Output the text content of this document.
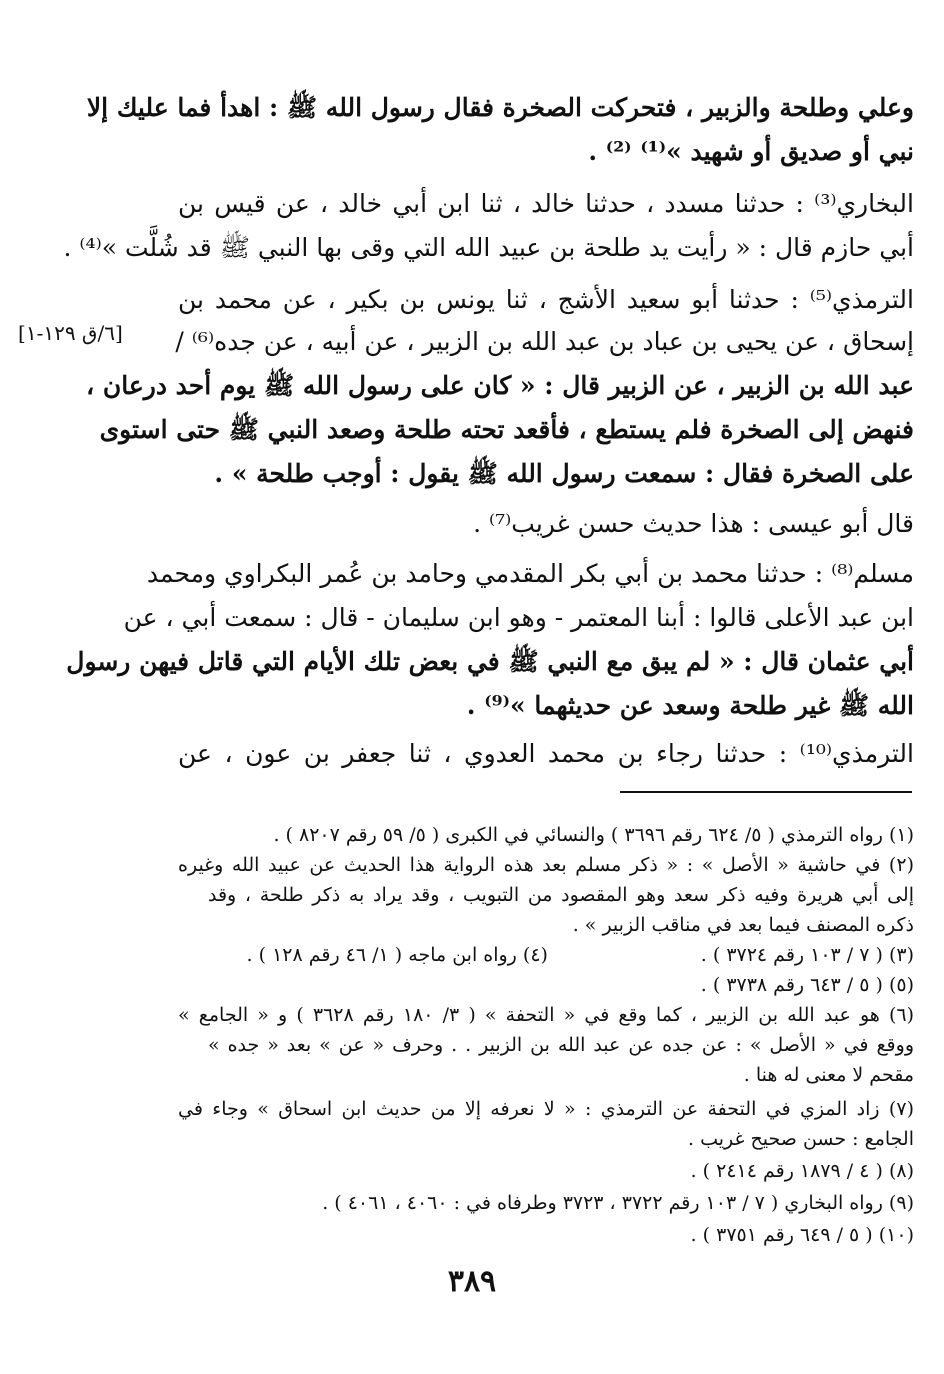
وعلي وطلحة والزبير ، فتحركت الصخرة فقال رسول الله ﷺ : اهدأ فما عليك إلا

نبي أو صديق أو شهيد »⁽¹⁾ ⁽²⁾ .

البخاري⁽³⁾ : حدثنا مسدد ، حدثنا خالد ، ثنا ابن أبي خالد ، عن قيس بن

أبي حازم قال : « رأيت يد طلحة بن عبيد الله التي وقى بها النبي ﷺ قد شُلَّت »⁽⁴⁾ .

الترمذي⁽⁵⁾ : حدثنا أبو سعيد الأشج ، ثنا يونس بن بكير ، عن محمد بن

إسحاق ، عن يحيى بن عباد بن عبد الله بن الزبير ، عن أبيه ، عن جده⁽⁶⁾ /

عبد الله بن الزبير ، عن الزبير قال : « كان على رسول الله ﷺ يوم أحد درعان ،

فنهض إلى الصخرة فلم يستطع ، فأقعد تحته طلحة وصعد النبي ﷺ حتى استوى

على الصخرة فقال : سمعت رسول الله ﷺ يقول : أوجب طلحة » .

قال أبو عيسى : هذا حديث حسن غريب⁽⁷⁾ .

مسلم⁽⁸⁾ : حدثنا محمد بن أبي بكر المقدمي وحامد بن عُمر البكراوي ومحمد

ابن عبد الأعلى قالوا : أبنا المعتمر - وهو ابن سليمان - قال : سمعت أبي ، عن

أبي عثمان قال : « لم يبق مع النبي ﷺ في بعض تلك الأيام التي قاتل فيهن رسول

الله ﷺ غير طلحة وسعد عن حديثهما »⁽⁹⁾ .

الترمذي⁽¹⁰⁾ : حدثنا رجاء بن محمد العدوي ، ثنا جعفر بن عون ، عن

[٦/ق ١٢٩-١]

(١) رواه الترمذي ( ٥/ ٦٢٤ رقم ٣٦٩٦ ) والنسائي في الكبرى ( ٥/ ٥٩ رقم ٨٢٠٧ ) .

(٢) في حاشية « الأصل » : « ذكر مسلم بعد هذه الرواية هذا الحديث عن عبيد الله وغيره

إلى أبي هريرة وفيه ذكر سعد وهو المقصود من التبويب ، وقد يراد به ذكر طلحة ، وقد

ذكره المصنف فيما بعد في مناقب الزبير » .

(٣) ( ٧ / ١٠٣ رقم ٣٧٢٤ ) . (٤) رواه ابن ماجه ( ١/ ٤٦ رقم ١٢٨ ) .

(٥) ( ٥ / ٦٤٣ رقم ٣٧٣٨ ) .

(٦) هو عبد الله بن الزبير ، كما وقع في « التحفة » ( ٣/ ١٨٠ رقم ٣٦٢٨ ) و « الجامع »

ووقع في « الأصل » : عن جده عن عبد الله بن الزبير . . وحرف « عن » بعد « جده »

مقحم لا معنى له هنا .

(٧) زاد المزي في التحفة عن الترمذي : « لا نعرفه إلا من حديث ابن اسحاق » وجاء في

الجامع : حسن صحيح غريب .

(٨) ( ٤ / ١٨٧٩ رقم ٢٤١٤ ) .

(٩) رواه البخاري ( ٧ / ١٠٣ رقم ٣٧٢٢ ، ٣٧٢٣ وطرفاه في : ٤٠٦٠ ، ٤٠٦١ ) .

(١٠) ( ٥ / ٦٤٩ رقم ٣٧٥١ ) .

٣٨٩
